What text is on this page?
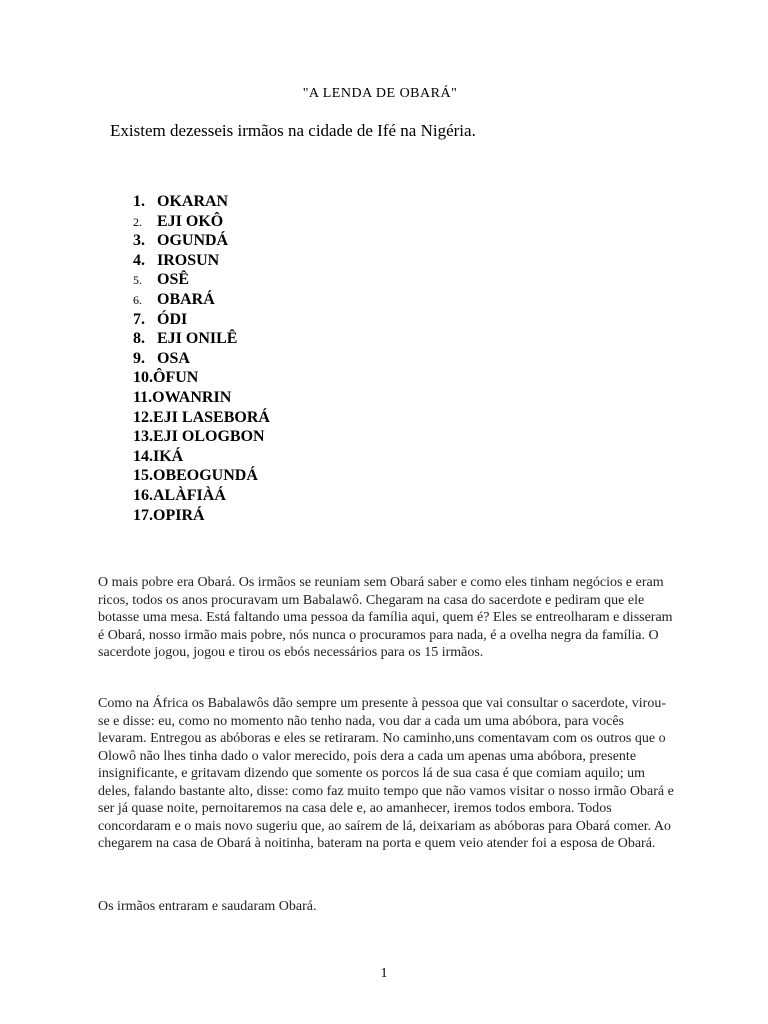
"A LENDA DE OBARÁ"
Existem dezesseis irmãos na cidade de Ifé na Nigéria.
1. OKARAN
2. EJI OKÔ
3. OGUNDÁ
4. IROSUN
5. OSÊ
6. OBARÁ
7. ÓDI
8. EJI ONILÊ
9. OSA
10.ÔFUN
11.OWANRIN
12.EJI LASEBORÁ
13.EJI OLOGBON
14.IKÁ
15.OBEOGUNDÁ
16.ALÀFIÀÁ
17.OPIRÁ

O mais pobre era Obará. Os irmãos se reuniam sem Obará saber e como eles tinham negócios e eram ricos, todos os anos procuravam um Babalawô. Chegaram na casa do sacerdote e pediram que ele botasse uma mesa. Está faltando uma pessoa da família aqui, quem é? Eles se entreolharam e disseram é Obará, nosso irmão mais pobre, nós nunca o procuramos para nada, é a ovelha negra da família. O sacerdote jogou, jogou e tirou os ebós necessários para os 15 irmãos.

Como na África os Babalawôs dão sempre um presente à pessoa que vai consultar o sacerdote, virou-se e disse: eu, como no momento não tenho nada, vou dar a cada um uma abóbora, para vocês levaram. Entregou as abóboras e eles se retiraram. No caminho,uns comentavam com os outros que o Olowô não lhes tinha dado o valor merecido, pois dera a cada um apenas uma abóbora, presente insignificante, e gritavam dizendo que somente os porcos lá de sua casa é que comiam aquilo; um deles, falando bastante alto, disse: como faz muito tempo que não vamos visitar o nosso irmão Obará e ser já quase noite, pernoitaremos na casa dele e, ao amanhecer, iremos todos embora. Todos concordaram e o mais novo sugeriu que, ao saírem de lá, deixariam as abóboras para Obará comer. Ao chegarem na casa de Obará à noitinha, bateram na porta e quem veio atender foi a esposa de Obará.

Os irmãos entraram e saudaram Obará.

1
